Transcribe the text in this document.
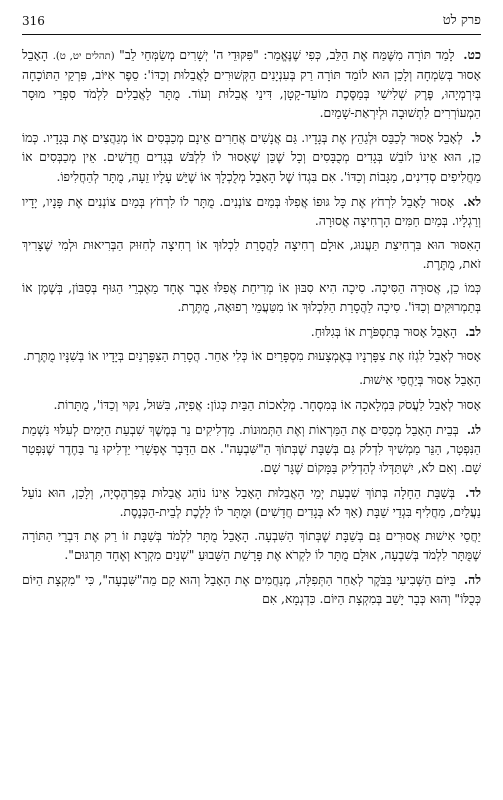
316	פרק לט

כט. לָמַד תּוֹרָה מִשֶּׁמַּח אֶת הַלֵּב, כְּפִי שֶׁנֶּאֱמַר: "פִּקּוּדֵי ה' יְשָׁרִים מְשַׂמְּחֵי לֵב" (תהלים יט, ט). הָאָבֵל אָסוּר בְּשִׂמְחָה וְלָכֵן הוּא לוֹמֵד תּוֹרָה רַק בְּעִנְיָנִים הַקְּשׁוּרִים לָאֲבֵלוּת וְכַדּוֹ': סֵפֶר אִיּוֹב, פִּרְקֵי הַתּוֹכָחָה בְּיִרְמְיָהוּ, פֶּרֶק שְׁלִישִׁי בְּמַסֶּכֶת מוֹעֵד-קָטָן, דִּינֵי אֲבֵלוּת וְעוֹד. מֻתָּר לָאֲבֵלִים לִלְמֹד סִפְרֵי מוּסָר הַמְעוֹרְרִים לִתְשׁוּבָה וּלְיִרְאַת-שָׁמַיִם.

ל. לְאָבֵל אָסוּר לְכַבֵּס וּלְגַהֵץ אֶת בְּגָדָיו. גַּם אֲנָשִׁים אֲחֵרִים אֵינָם מְכַבְּסִים אוֹ מְגַהֲצִים אֶת בְּגָדָיו. כְּמוֹ כֵן, הוּא אֵינוֹ לוֹבֵשׁ בְּגָדִים מְכֻבָּסִים וְכָל שֶׁכֵּן שֶׁאָסוּר לוֹ לִלְבֹּשׁ בְּגָדִים חֲדָשִׁים. אֵין מְכַבְּסִים אוֹ מַחֲלִיפִים סְדִינִים, מַגָּבוֹת וְכַדּוֹ'. אִם בִּגְדוֹ שֶׁל הָאָבֵל מְלֻכְלָךְ אוֹ שֶׁיֵּשׁ עָלָיו זֵעָה, מֻתָּר לְהַחֲלִיפוֹ.

לא. אָסוּר לָאָבֵל לִרְחֹץ אֶת כָּל גּוּפוֹ אֲפִלּוּ בְּמַיִם צוֹנְנִים. מֻתָּר לוֹ לִרְחֹץ בְּמַיִם צוֹנְנִים אֶת פָּנָיו, יָדָיו וְרַגְלָיו. בְּמַיִם חַמִּים הָרְחִיצָה אֲסוּרָה.

הָאִסּוּר הוּא בִּרְחִיצַת תַּעֲנוּג, אוּלָם רְחִיצָה לַהֲסָרַת לִכְלוּךְ אוֹ רְחִיצָה לְחִזּוּק הַבְּרִיאוּת וּלְמִי שֶׁצָּרִיךְ זֹאת, מֻתֶּרֶת.

כְּמוֹ כֵן, אֲסוּרָה הַסִּיכָה. סִיכָה הִיא סִבּוּן אוֹ מְרִיחַת אֲפִלּוּ אֵבֶר אֶחָד מֵאֶבְרֵי הַגּוּף בְּסַבּוֹן, בְּשֶׁמֶן אוֹ בְּתַמְרוּקִים וְכַדּוֹ'. סִיכָה לַהֲסָרַת הַלִּכְלוּךְ אוֹ מִטַּעֲמֵי רְפוּאָה, מֻתֶּרֶת.

לב. הָאָבֵל אָסוּר בְּתִסְפֹּרֶת אוֹ בְּגִלּוּחַ.

אָסוּר לְאָבֵל לִגְזֹז אֶת צִפָּרְנָיו בְּאֶמְצָעוּת מִסְפָּרַיִם אוֹ כְּלִי אַחֵר. הֲסָרַת הַצִּפָּרְנַיִם בְּיָדָיו אוֹ בְּשִׁנָּיו מֻתֶּרֶת.

הָאָבֵל אָסוּר בְּיַחֲסֵי אִישׁוּת.

אָסוּר לְאָבֵל לַעֲסֹק בִּמְלָאכָה אוֹ בְּמִסְחָר. מְלָאכוֹת הַבַּיִת כְּגוֹן: אֲפִיָּה, בִּשּׁוּל, נִקּוּי וְכַדּוֹ', מֻתָּרוֹת.

לג. בְּבֵית הָאָבֵל מְכַסִּים אֶת הַמַּרְאוֹת וְאֶת הַתְּמוּנוֹת. מַדְלִיקִים נֵר בְּמֶשֶׁךְ שִׁבְעַת הַיָּמִים לְעִלּוּי נִשְׁמַת הַנִּפְטָר, הַנֵּר מַמְשִׁיךְ לִדְלֹק גַּם בְּשַׁבָּת שֶׁבְּתוֹךְ הַ"שִּׁבְעָה". אִם הַדָּבָר אֶפְשָׁרִי יַדְלִיקוּ נֵר בַּחֶדֶר שֶׁנִּפְטַר שָׁם. וְאִם לֹא, יִשְׁתַּדְּלוּ לְהַדְלִיק בַּמָּקוֹם שֶׁגָּר שָׁם.

לד. בְּשַׁבָּת הַחָלָה בְּתוֹךְ שִׁבְעַת יְמֵי הָאֲבֵלוּת הָאָבֵל אֵינוֹ נוֹהֵג אֲבֵלוּת בְּפַרְהֶסְיָה, וְלָכֵן, הוּא נוֹעֵל נַעֲלַיִם, מַחֲלִיף בִּגְדֵי שַׁבָּת (אַךְ לֹא בְּגָדִים חֲדָשִׁים) וּמֻתָּר לוֹ לָלֶכֶת לְבֵית-הַכְּנֶסֶת.

יַחֲסֵי אִישׁוּת אֲסוּרִים גַּם בְּשַׁבָּת שֶׁבְּתוֹךְ הַשִּׁבְעָה. הָאָבֵל מֻתָּר לִלְמֹד בְּשַׁבָּת זוֹ רַק אֶת דִּבְרֵי הַתּוֹרָה שֶׁמֻּתָּר לִלְמֹד בְּשִׁבְעָה, אוּלָם מֻתָּר לוֹ לִקְרֹא אֶת פָּרָשַׁת הַשָּׁבוּעַ "שְׁנַיִם מִקְרָא וְאֶחָד תַּרְגּוּם".

לה. בַּיּוֹם הַשְּׁבִיעִי בַּבֹּקֶר לְאַחַר הַתְּפִלָּה, מְנַחֲמִים אֶת הָאָבֵל וְהוּא קָם מֵה"שִּׁבְעָה", כִּי "מִקְצָת הַיּוֹם כְּכֻלּוֹ" וְהוּא כְּבָר יָשַׁב בְּמִקְצָת הַיּוֹם. כִּדְגְמָא, אִם
